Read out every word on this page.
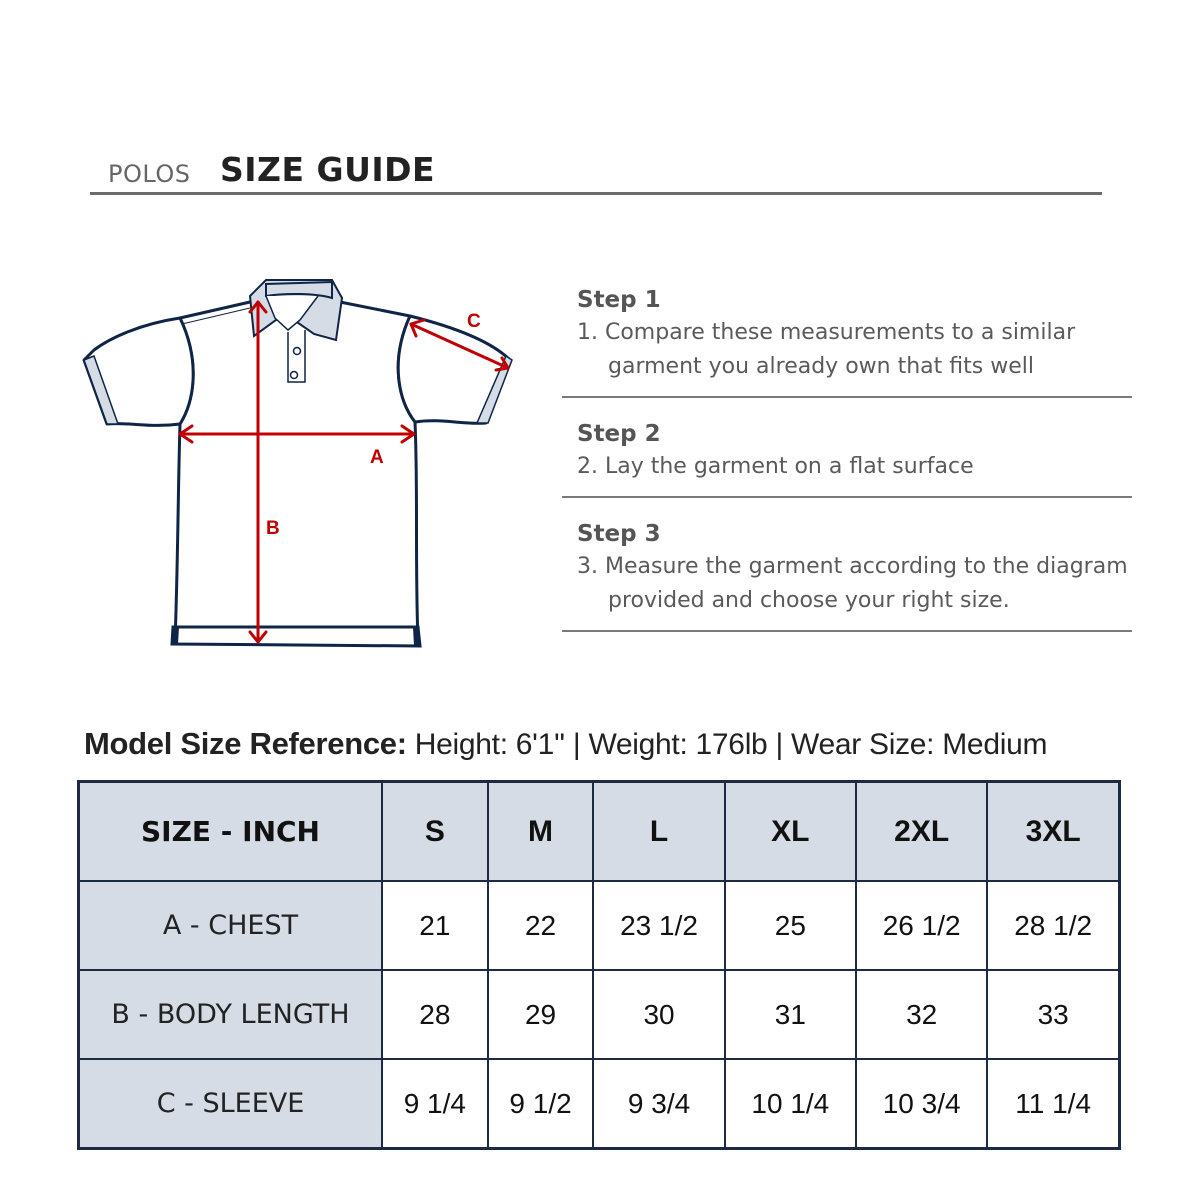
POLOS SIZE GUIDE
A
B
C
Step 1
1. Compare these measurements to a similar garment you already own that fits well
Step 2
2. Lay the garment on a flat surface
Step 3
3. Measure the garment according to the diagram provided and choose your right size.
Model Size Reference: Height: 6'1'' | Weight: 176lb | Wear Size: Medium
SIZE - INCH	S	M	L	XL	2XL	3XL
A - CHEST	21	22	23 1/2	25	26 1/2	28 1/2
B - BODY LENGTH	28	29	30	31	32	33
C - SLEEVE	9 1/4	9 1/2	9 3/4	10 1/4	10 3/4	11 1/4
